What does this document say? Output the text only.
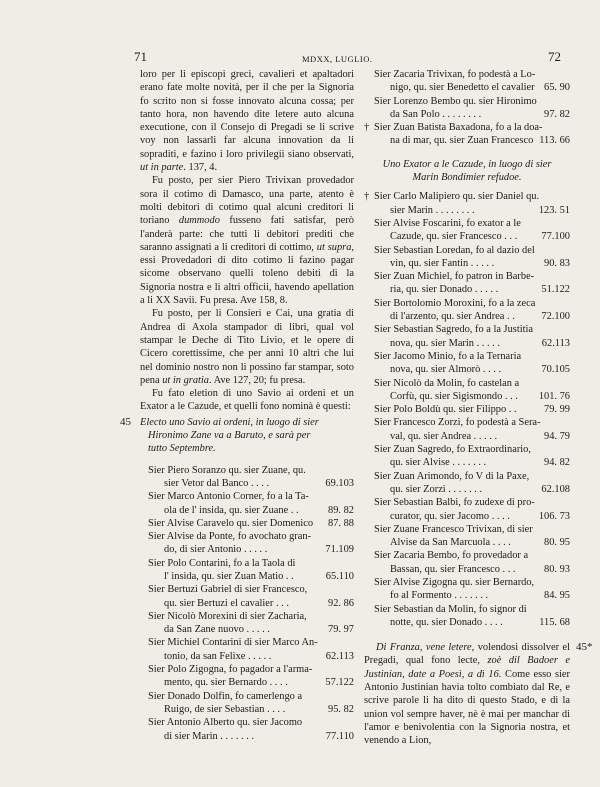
71	MDXX, LUGLIO.	72

loro per li episcopi greci, cavalieri et apaltadori erano fate molte novità, per il che per la Signoria fo scrito non si fosse innovato alcuna cossa; per tanto hora, non havendo dite letere auto alcuna executione, con il Consejo di Pregadi se li scrive voy non lassarli far alcuna innovation da li sopraditi, e fazino i loro privilegii siano observati, ut in parte. 137, 4.

Fu posto, per sier Piero Trivixan provedador sora il cotimo di Damasco, una parte, atento è molti debitori di cotimo qual alcuni creditori li toriano dummodo fusseno fati satisfar, però l'anderà parte: che tutti li debitori prediti che saranno assignati a li creditori di cottimo, ut supra, essi Provedadori di dito cotimo li fazino pagar sicome observano quelli toleno debiti di la Signoria nostra e li altri officii, havendo apellation a li XX Savii. Fu presa. Ave 158, 8.

Fu posto, per li Consieri e Cai, una gratia di Andrea di Axola stampador di libri, qual vol stampar le Deche di Tito Livio, et le opere di Cicero corettissime, che per anni 10 altri che lui nel dominio nostro non li possino far stampar, soto pena ut in gratia. Ave 127, 20; fu presa.

Fu fato eletion di uno Savio ai ordeni et un Exator a le Cazude, et quelli fono nominà è questi:

Electo uno Savio ai ordeni, in luogo di sier
Hironimo Zane va a Baruto, e sarà per
tutto Septembre.
Sier Piero Soranzo qu. sier Zuane, qu.
sier Vetor dal Banco . . . .	69.103
Sier Marco Antonio Corner, fo a la Ta-
ola de l' insida, qu. sier Zuane . .	89. 82
Sier Alvise Caravelo qu. sier Domenico	87. 88
Sier Alvise da Ponte, fo avochato gran-
do, di sier Antonio . . . . .	71.109
Sier Polo Contarini, fo a la Taola di
l' insida, qu. sier Zuan Matio . .	65.110
Sier Bertuzi Gabriel di sier Francesco,
qu. sier Bertuzi el cavalier . . .	92. 86
Sier Nicolò Morexini di sier Zacharia,
da San Zane nuovo . . . . .	79. 97
Sier Michiel Contarini di sier Marco An-
tonio, da san Felixe . . . . .	62.113
Sier Polo Zigogna, fo pagador a l'arma-
mento, qu. sier Bernardo . . . .	57.122
Sier Donado Dolfin, fo camerlengo a
Ruigo, de sier Sebastian . . . .	95. 82
Sier Antonio Alberto qu. sier Jacomo
di sier Marin . . . . . . .	77.110
45
Sier Zacaria Trivixan, fo podestà a Lo-
nigo, qu. sier Benedetto el cavalier 65. 90
Sier Lorenzo Bembo qu. sier Hironimo
da San Polo . . . . . . . .	97. 82
† Sier Zuan Batista Baxadona, fo a la doa-
na di mar, qu. sier Zuan Francesco 113. 66
Uno Exator a le Cazude, in luogo di sier
Marin Bondimier refudoe.
† Sier Carlo Malipiero qu. sier Daniel qu.
sier Marin . . . . . . . .	123. 51
Sier Alvise Foscarini, fo exator a le
Cazude, qu. sier Francesco . . .	77.100
Sier Sebastian Loredan, fo al dazio del
vin, qu. sier Fantin . . . . .	90. 83
Sier Zuan Michiel, fo patron in Barbe-
ria, qu. sier Donado . . . . .	51.122
Sier Bortolomio Moroxini, fo a la zeca
di l'arzento, qu. sier Andrea . .	72.100
Sier Sebastian Sagredo, fo a la Justitia
nova, qu. sier Marin . . . . .	62.113
Sier Jacomo Minio, fo a la Ternaria
nova, qu. sier Almorò . . . .	70.105
Sier Nicolò da Molin, fo castelan a
Corfù, qu. sier Sigismondo . . .	101. 76
Sier Polo Boldù qu. sier Filippo . .	79. 99
Sier Francesco Zorzi, fo podestà a Sera-
val, qu. sier Andrea . . . . .	94. 79
Sier Zuan Sagredo, fo Extraordinario,
qu. sier Alvise . . . . . . .	94. 82
Sier Zuan Arimondo, fo V di la Paxe,
qu. sier Zorzi . . . . . . .	62.108
Sier Sebastian Balbi, fo zudexe di pro-
curator, qu. sier Jacomo . . . .	106. 73
Sier Zuane Francesco Trivixan, di sier
Alvise da San Marcuola . . . .	80. 95
Sier Zacaria Bembo, fo provedador a
Bassan, qu. sier Francesco . . .	80. 93
Sier Alvise Zigogna qu. sier Bernardo,
fo al Formento . . . . . . .	84. 95
Sier Sebastian da Molin, fo signor di
notte, qu. sier Donado . . . .	115. 68

Di Franza, vene letere, volendosi dissolver el Pregadi, qual fono lecte, zoè dil Badoer e Justinian, date a Poesì, a dì 16. Come esso sier Antonio Justinian havia tolto combiato dal Re, e scrive parole li ha dito di questo Stado, e di la union vol sempre haver, nè è mai per manchar di l'amor e benivolentia con la Signoria nostra, et venendo a Lion,

45*
